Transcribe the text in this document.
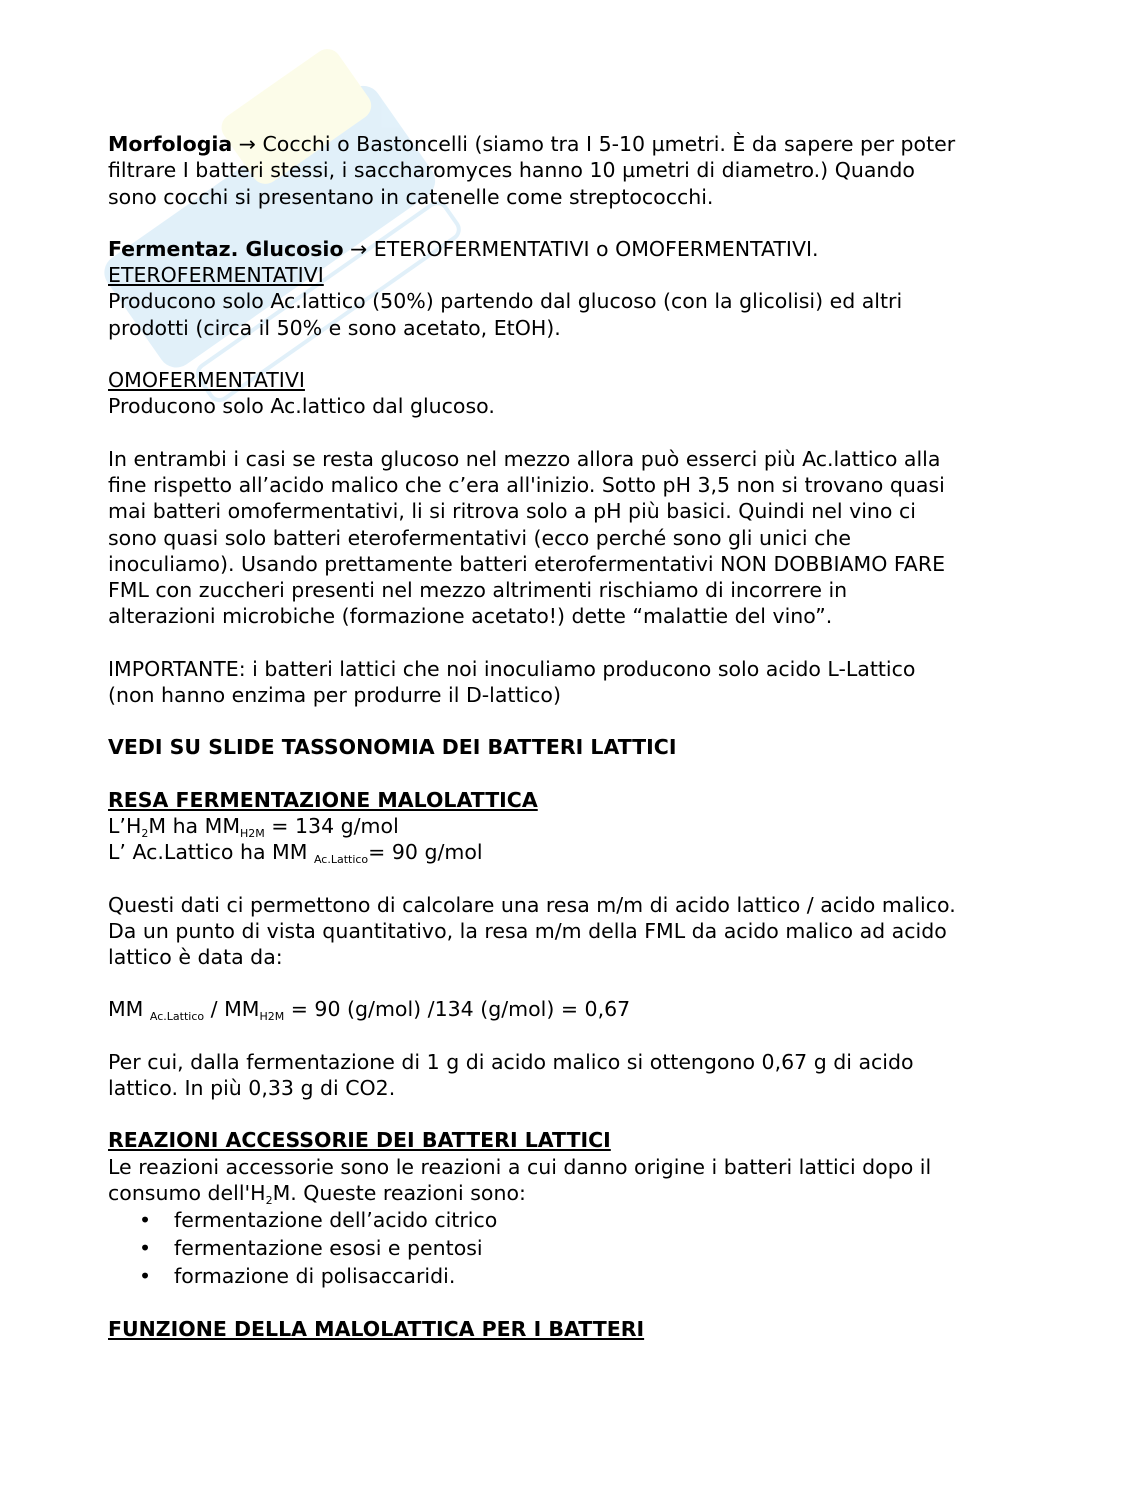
Morfologia → Cocchi o Bastoncelli (siamo tra I 5-10 µmetri. È da sapere per poter
filtrare I batteri stessi, i saccharomyces hanno 10 µmetri di diametro.) Quando
sono cocchi si presentano in catenelle come streptococchi.

Fermentaz. Glucosio → ETEROFERMENTATIVI o OMOFERMENTATIVI.
ETEROFERMENTATIVI
Producono solo Ac.lattico (50%) partendo dal glucoso (con la glicolisi) ed altri
prodotti (circa il 50% e sono acetato, EtOH).

OMOFERMENTATIVI
Producono solo Ac.lattico dal glucoso.

In entrambi i casi se resta glucoso nel mezzo allora può esserci più Ac.lattico alla
fine rispetto all’acido malico che c’era all'inizio. Sotto pH 3,5 non si trovano quasi
mai batteri omofermentativi, li si ritrova solo a pH più basici. Quindi nel vino ci
sono quasi solo batteri eterofermentativi (ecco perché sono gli unici che
inoculiamo). Usando prettamente batteri eterofermentativi NON DOBBIAMO FARE
FML con zuccheri presenti nel mezzo altrimenti rischiamo di incorrere in
alterazioni microbiche (formazione acetato!) dette “malattie del vino”.

IMPORTANTE: i batteri lattici che noi inoculiamo producono solo acido L-Lattico
(non hanno enzima per produrre il D-lattico)

VEDI SU SLIDE TASSONOMIA DEI BATTERI LATTICI

RESA FERMENTAZIONE MALOLATTICA
$L’H_2M$ ha $MM_{H2M} = 134$ g/mol
L’ Ac.Lattico ha MM $_{Ac.Lattico}$= 90 g/mol

Questi dati ci permettono di calcolare una resa m/m di acido lattico / acido malico.
Da un punto di vista quantitativo, la resa m/m della FML da acido malico ad acido
lattico è data da:

MM $_{Ac.Lattico} / MM_{H2M} = 90$ (g/mol) /134 (g/mol) = 0,67

Per cui, dalla fermentazione di 1 g di acido malico si ottengono 0,67 g di acido
lattico. In più 0,33 g di CO2.

REAZIONI ACCESSORIE DEI BATTERI LATTICI
Le reazioni accessorie sono le reazioni a cui danno origine i batteri lattici dopo il
consumo $dell'H_2M$. Queste reazioni sono:

• fermentazione dell’acido citrico
• fermentazione esosi e pentosi
• formazione di polisaccaridi.

FUNZIONE DELLA MALOLATTICA PER I BATTERI
